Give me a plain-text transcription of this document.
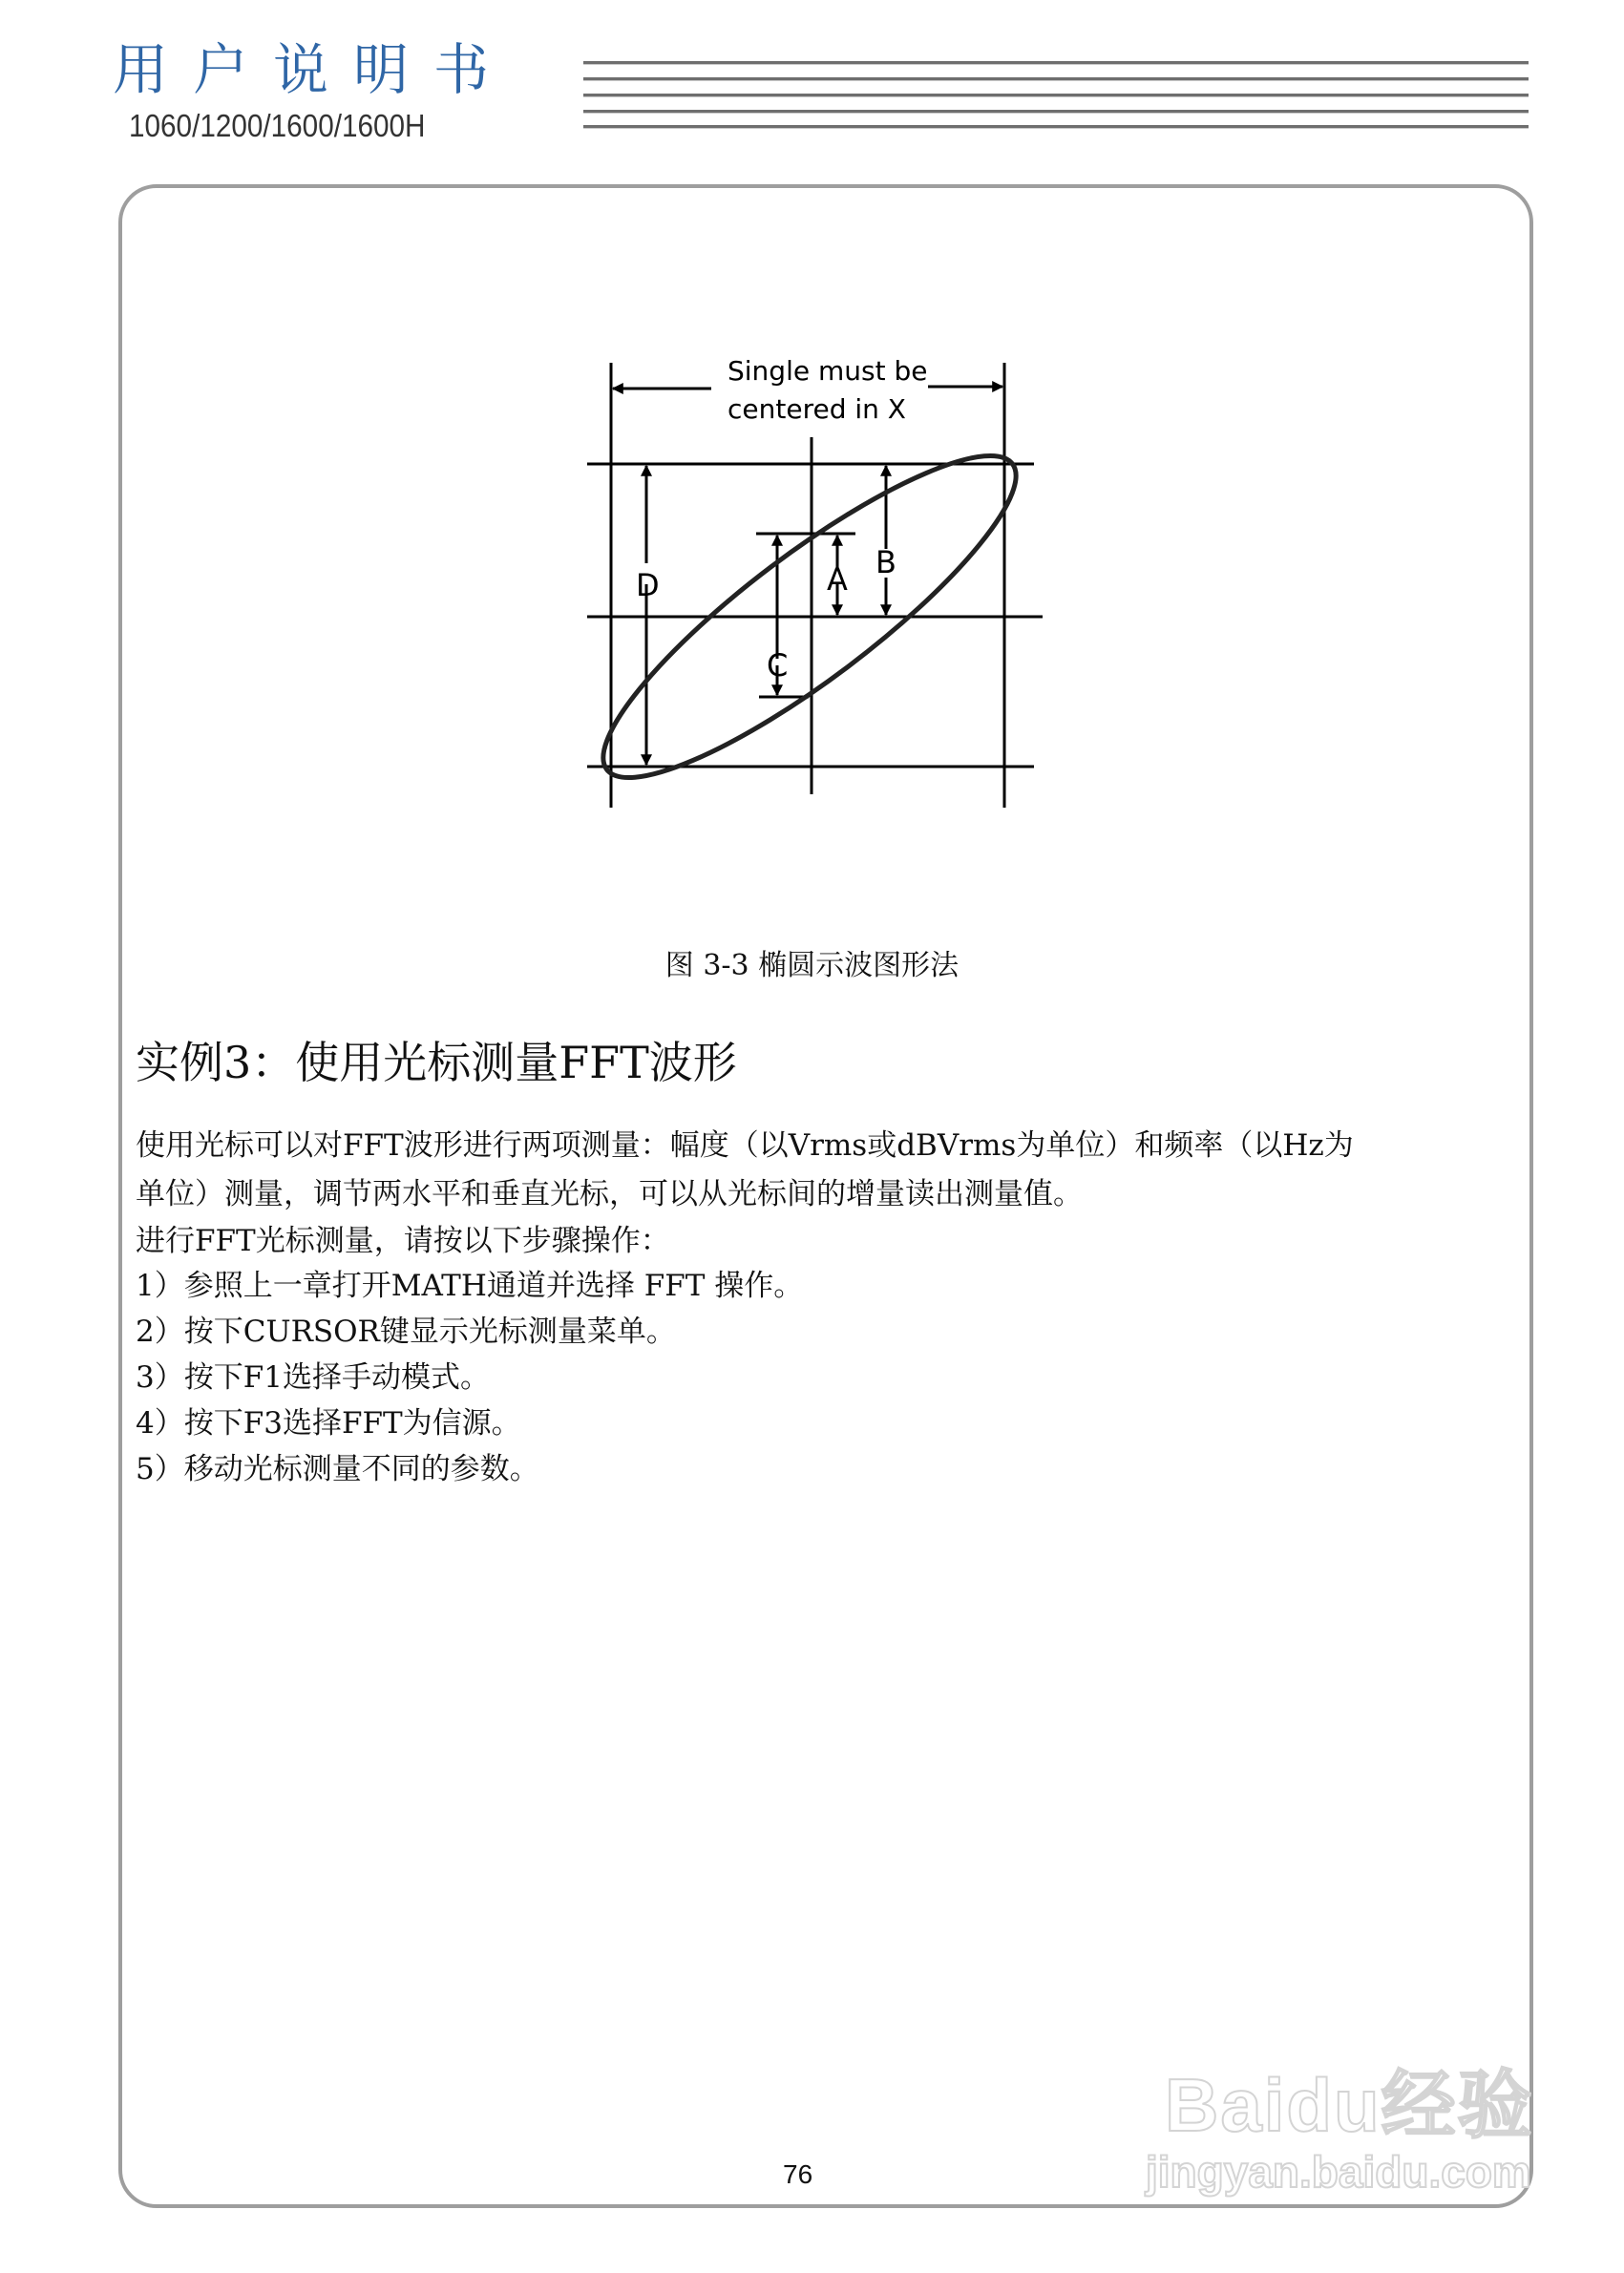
用户说明书
1060/1200/1600/1600H
Single must be
centered in X
D
C
A B
图 3-3 椭圆示波图形法
实例3：使用光标测量FFT波形
使用光标可以对FFT波形进行两项测量：幅度（以Vrms或dBVrms为单位）和频率（以Hz为
单位）测量，调节两水平和垂直光标，可以从光标间的增量读出测量值。
进行FFT光标测量，请按以下步骤操作：
1）参照上一章打开MATH通道并选择 FFT 操作。
2）按下CURSOR键显示光标测量菜单。
3）按下F1选择手动模式。
4）按下F3选择FFT为信源。
5）移动光标测量不同的参数。
76
Baidu经验
jingyan.baidu.com
